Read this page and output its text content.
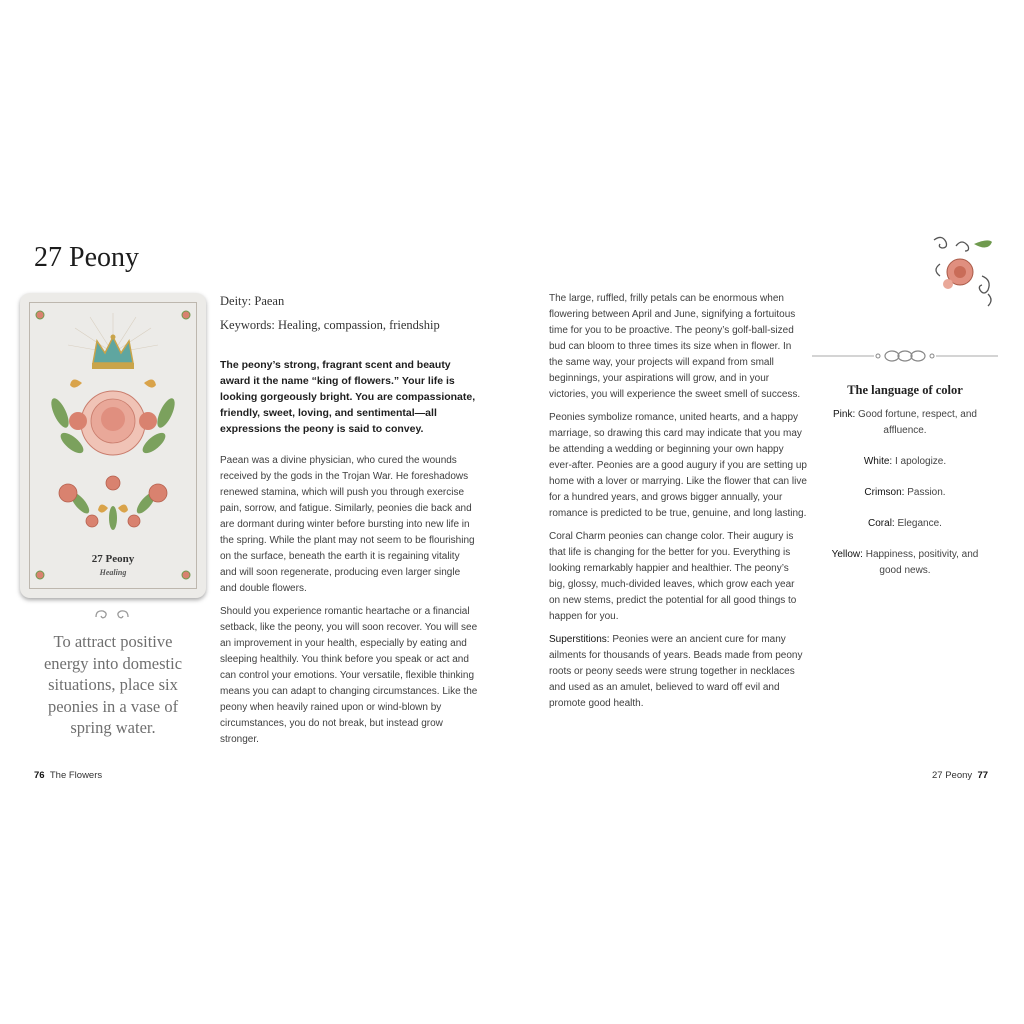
27 Peony
27 Peony
Healing
To attract positive energy into domestic situations, place six peonies in a vase of spring water.
Deity: Paean
Keywords: Healing, compassion, friendship
The peony’s strong, fragrant scent and beauty award it the name “king of flowers.” Your life is looking gorgeously bright. You are compassionate, friendly, sweet, loving, and sentimental—all expressions the peony is said to convey.

Paean was a divine physician, who cured the wounds received by the gods in the Trojan War. He foreshadows renewed stamina, which will push you through exercise pain, sorrow, and fatigue. Similarly, peonies die back and are dormant during winter before bursting into new life in the spring. While the plant may not seem to be flourishing on the surface, beneath the earth it is regaining vitality and will soon regenerate, producing even larger single and double flowers.

Should you experience romantic heartache or a financial setback, like the peony, you will soon recover. You will see an improvement in your health, especially by eating and sleeping healthily. You think before you speak or act and can control your emotions. Your versatile, flexible thinking means you can adapt to changing circumstances. Like the peony when heavily rained upon or wind-blown by circumstances, you do not break, but instead grow stronger.

76 The Flowers

The large, ruffled, frilly petals can be enormous when flowering between April and June, signifying a fortuitous time for you to be proactive. The peony’s golf-ball-sized bud can bloom to three times its size when in flower. In the same way, your projects will expand from small beginnings, your aspirations will grow, and in your victories, you will experience the sweet smell of success.

Peonies symbolize romance, united hearts, and a happy marriage, so drawing this card may indicate that you may be attending a wedding or beginning your own happy ever-after. Peonies are a good augury if you are setting up home with a lover or marrying. Like the flower that can live for a hundred years, and grows bigger annually, your romance is predicted to be true, genuine, and long lasting.

Coral Charm peonies can change color. Their augury is that life is changing for the better for you. Everything is looking remarkably happier and healthier. The peony’s big, glossy, much-divided leaves, which grow each year on new stems, predict the potential for all good things to happen for you.

Superstitions: Peonies were an ancient cure for many ailments for thousands of years. Beads made from peony roots or peony seeds were strung together in necklaces and used as an amulet, believed to ward off evil and promote good health.

The language of color
Pink: Good fortune, respect, and affluence.
White: I apologize.
Crimson: Passion.
Coral: Elegance.
Yellow: Happiness, positivity, and good news.
27 Peony 77
